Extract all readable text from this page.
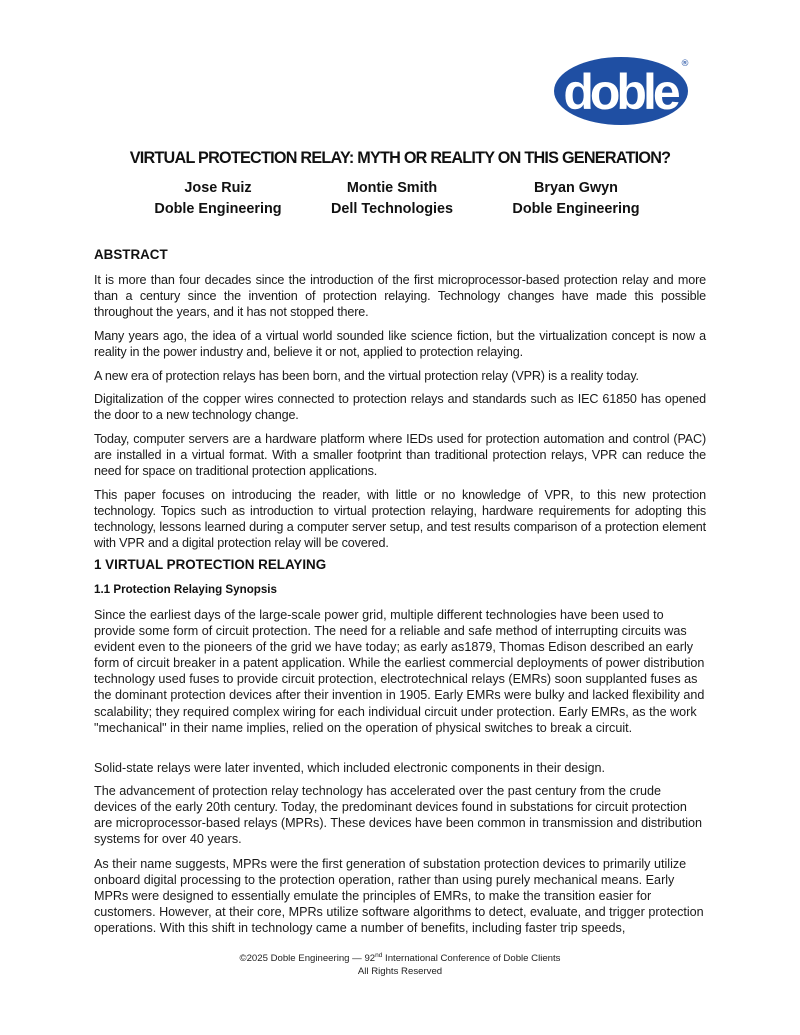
doble ®
VIRTUAL PROTECTION RELAY: MYTH OR REALITY ON THIS GENERATION?
Jose Ruiz
Doble Engineering
Montie Smith
Dell Technologies
Bryan Gwyn
Doble Engineering
ABSTRACT
It is more than four decades since the introduction of the first microprocessor-based protection relay and more than a century since the invention of protection relaying. Technology changes have made this possible throughout the years, and it has not stopped there.
Many years ago, the idea of a virtual world sounded like science fiction, but the virtualization concept is now a reality in the power industry and, believe it or not, applied to protection relaying.
A new era of protection relays has been born, and the virtual protection relay (VPR) is a reality today.
Digitalization of the copper wires connected to protection relays and standards such as IEC 61850 has opened the door to a new technology change.
Today, computer servers are a hardware platform where IEDs used for protection automation and control (PAC) are installed in a virtual format. With a smaller footprint than traditional protection relays, VPR can reduce the need for space on traditional protection applications.
This paper focuses on introducing the reader, with little or no knowledge of VPR, to this new protection technology. Topics such as introduction to virtual protection relaying, hardware requirements for adopting this technology, lessons learned during a computer server setup, and test results comparison of a protection element with VPR and a digital protection relay will be covered.
1 VIRTUAL PROTECTION RELAYING
1.1 Protection Relaying Synopsis
Since the earliest days of the large-scale power grid, multiple different technologies have been used to provide some form of circuit protection. The need for a reliable and safe method of interrupting circuits was evident even to the pioneers of the grid we have today; as early as1879, Thomas Edison described an early form of circuit breaker in a patent application. While the earliest commercial deployments of power distribution technology used fuses to provide circuit protection, electrotechnical relays (EMRs) soon supplanted fuses as the dominant protection devices after their invention in 1905. Early EMRs were bulky and lacked flexibility and scalability; they required complex wiring for each individual circuit under protection. Early EMRs, as the work "mechanical" in their name implies, relied on the operation of physical switches to break a circuit.
Solid-state relays were later invented, which included electronic components in their design.
The advancement of protection relay technology has accelerated over the past century from the crude devices of the early 20th century. Today, the predominant devices found in substations for circuit protection are microprocessor-based relays (MPRs). These devices have been common in transmission and distribution systems for over 40 years.
As their name suggests, MPRs were the first generation of substation protection devices to primarily utilize onboard digital processing to the protection operation, rather than using purely mechanical means. Early MPRs were designed to essentially emulate the principles of EMRs, to make the transition easier for customers. However, at their core, MPRs utilize software algorithms to detect, evaluate, and trigger protection operations. With this shift in technology came a number of benefits, including faster trip speeds,
©2025 Doble Engineering — 92nd International Conference of Doble Clients
All Rights Reserved
